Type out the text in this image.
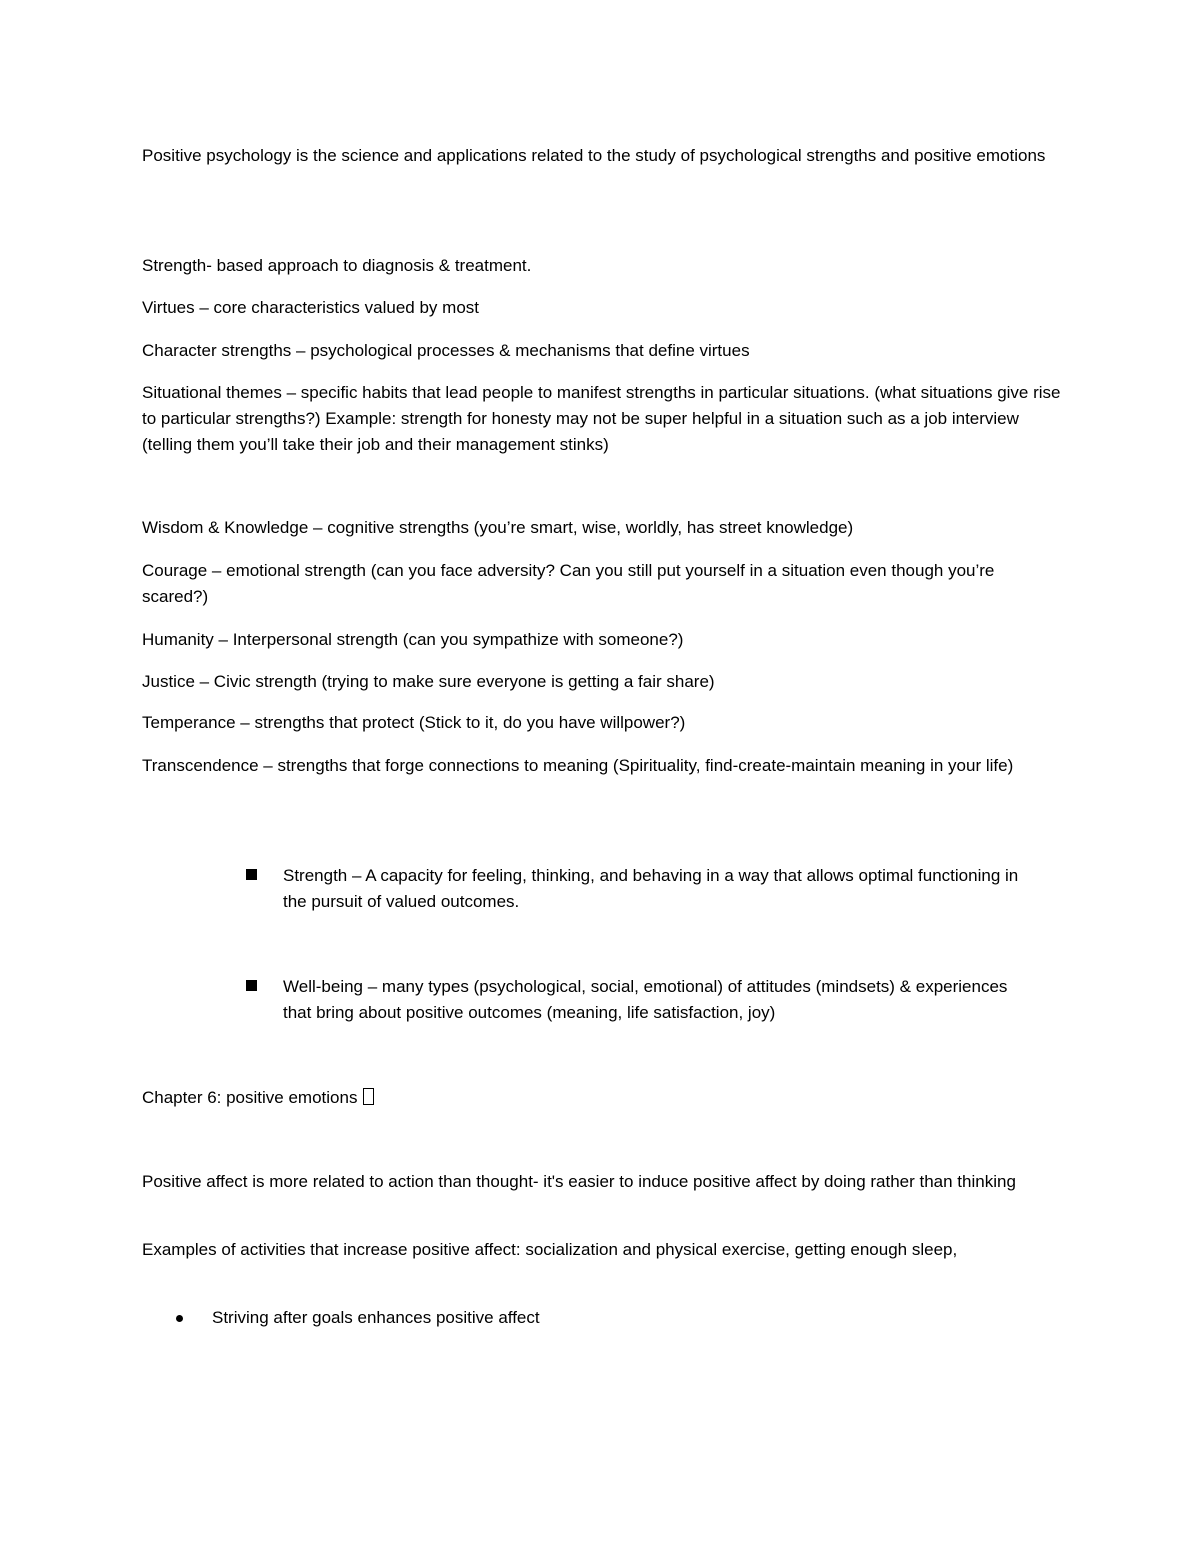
Positive psychology is the science and applications related to the study of psychological strengths and positive emotions

Strength- based approach to diagnosis & treatment.

Virtues – core characteristics valued by most

Character strengths – psychological processes & mechanisms that define virtues

Situational themes – specific habits that lead people to manifest strengths in particular situations. (what situations give rise to particular strengths?) Example: strength for honesty may not be super helpful in a situation such as a job interview (telling them you’ll take their job and their management stinks)

Wisdom & Knowledge – cognitive strengths (you’re smart, wise, worldly, has street knowledge)

Courage – emotional strength (can you face adversity? Can you still put yourself in a situation even though you’re scared?)

Humanity – Interpersonal strength (can you sympathize with someone?)

Justice – Civic strength (trying to make sure everyone is getting a fair share)

Temperance – strengths that protect (Stick to it, do you have willpower?)

Transcendence – strengths that forge connections to meaning (Spirituality, find-create-maintain meaning in your life)

Strength – A capacity for feeling, thinking, and behaving in a way that allows optimal functioning in the pursuit of valued outcomes.

Well-being – many types (psychological, social, emotional) of attitudes (mindsets) & experiences that bring about positive outcomes (meaning, life satisfaction, joy)

Chapter 6: positive emotions

Positive affect is more related to action than thought- it's easier to induce positive affect by doing rather than thinking

Examples of activities that increase positive affect: socialization and physical exercise, getting enough sleep,

Striving after goals enhances positive affect
